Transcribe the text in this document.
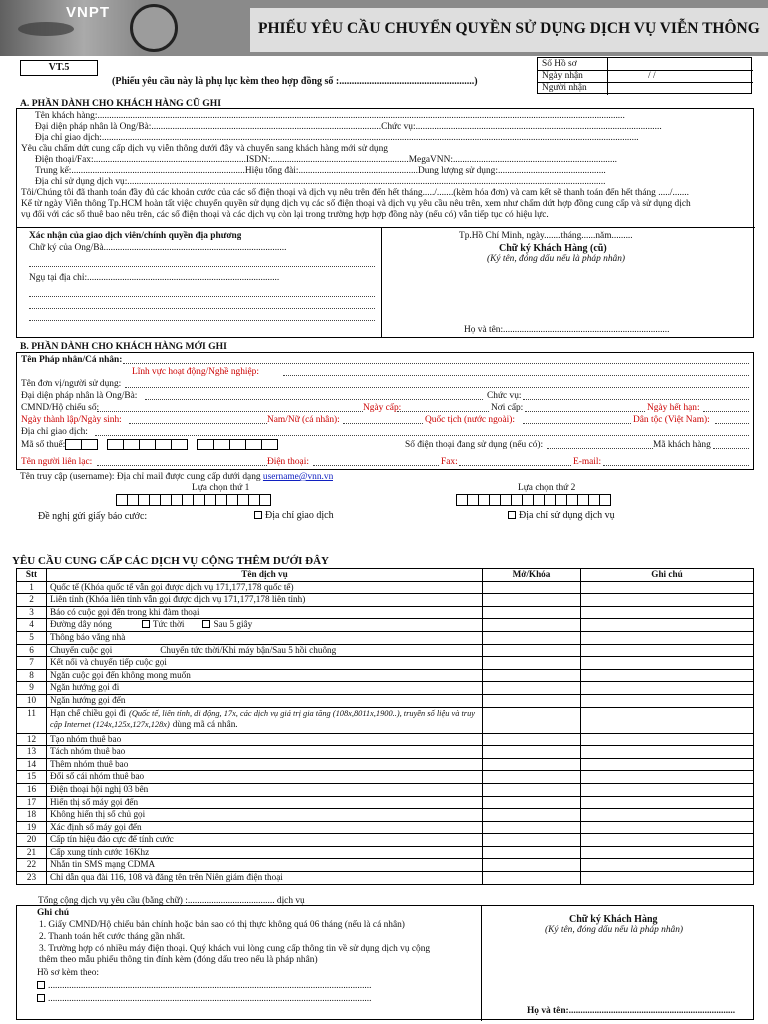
VNPT
PHIẾU YÊU CẦU CHUYỂN QUYỀN SỬ DỤNG DỊCH VỤ VIỄN THÔNG
VT.5
(Phiếu yêu cầu này là phụ lục kèm theo hợp đồng số :......................................................)
Số Hồ sơ
Ngày nhận	/ /
Người nhận
A. PHẦN DÀNH CHO KHÁCH HÀNG CŨ GHI
Tên khách hàng:.................................................................................................................................................................................................................................
Đại diện pháp nhân là Ông/Bà:..................................................................................................Chức vụ:.........................................................................................................
Địa chỉ giao dịch:.....................................................................................................................................................................................................................................
Yêu cầu chấm dứt cung cấp dịch vụ viễn thông dưới đây và chuyển sang khách hàng mới sử dụng
Điện thoại/Fax:.................................................................ISDN:...........................................................MegaVNN:......................................................................
Trung kế:..........................................................................Hiệu tổng đài:...................................................Dung lượng sử dụng:..............................................
Địa chỉ sử dụng dịch vụ:............................................................................................................................................................................................................
Tôi/Chúng tôi đã thanh toán đầy đủ các khoản cước của các số điện thoại và dịch vụ nêu trên đến hết tháng...../.......(kèm hóa đơn) và cam kết sẽ thanh toán đến hết tháng ...../.......
Kể từ ngày Viễn thông Tp.HCM hoàn tất việc chuyển quyền sử dụng dịch vụ các số điện thoại và dịch vụ yêu cầu nêu trên, xem như chấm dứt hợp đồng cung cấp và sử dụng dịch
vụ đối với các số thuê bao nêu trên, các số điện thoại và các dịch vụ còn lại trong trường hợp hợp đồng này (nếu có) vẫn tiếp tục có hiệu lực.
Xác nhận của giao dịch viên/chính quyền địa phương
Chữ ký của Ông/Bà..............................................................................
Ngụ tại địa chỉ:..................................................................................
Tp.Hồ Chí Minh, ngày.......tháng......năm.........
Chữ ký Khách Hàng (cũ)
(Ký tên, đóng dấu nếu là pháp nhân)
Họ và tên:.......................................................................
B. PHẦN DÀNH CHO KHÁCH HÀNG MỚI GHI
Tên Pháp nhân/Cá nhân:
Lĩnh vực hoạt động/Nghề nghiệp:
Tên đơn vị/người sử dụng:
Đại diện pháp nhân là Ông/Bà:	Chức vụ:
CMND/Hộ chiếu số:	Ngày cấp:	Nơi cấp:	Ngày hết hạn:
Ngày thành lập/Ngày sinh:	Nam/Nữ (cá nhân):	Quốc tịch (nước ngoài):	Dân tộc (Việt Nam):
Địa chỉ giao dịch:
Mã số thuế:	Số điện thoại đang sử dụng (nếu có):	Mã khách hàng
Tên người liên lạc:	Điện thoại:	Fax:	E-mail:
Tên truy cập (username): Địa chỉ mail được cung cấp dưới dạng username@vnn.vn
Lựa chọn thứ 1	Lựa chọn thứ 2
Đề nghị gửi giấy báo cước:	Địa chỉ giao dịch	Địa chỉ sử dụng dịch vụ
YÊU CẦU CUNG CẤP CÁC DỊCH VỤ CỘNG THÊM DƯỚI ĐÂY
Stt	Tên dịch vụ	Mở/Khóa	Ghi chú
1	Quốc tế (Khóa quốc tế vẫn gọi được dịch vụ 171,177,178 quốc tế)		
2	Liên tỉnh (Khóa liên tỉnh vẫn gọi được dịch vụ 171,177,178 liên tỉnh)		
3	Báo có cuộc gọi đến trong khi đàm thoại		
4	Đường dây nóng Tức thời Sau 5 giây		
5	Thông báo vắng nhà		
6	Chuyển cuộc gọi Chuyển tức thời/Khi máy bận/Sau 5 hồi chuông		
7	Kết nối và chuyển tiếp cuộc gọi		
8	Ngăn cuộc gọi đến không mong muốn		
9	Ngăn hướng gọi đi		
10	Ngăn hướng gọi đến		
11	Hạn chế chiều gọi đi (Quốc tế, liên tỉnh, di động, 17x, các dịch vụ giá trị gia tăng (108x,8011x,1900..), truyền số liệu và truy cập Internet (124x,125x,127x,128x) dùng mã cá nhân.		
12	Tạo nhóm thuê bao		
13	Tách nhóm thuê bao		
14	Thêm nhóm thuê bao		
15	Đổi số cái nhóm thuê bao		
16	Điện thoại hội nghị 03 bên		
17	Hiển thị số máy gọi đến		
18	Không hiển thị số chủ gọi		
19	Xác định số máy gọi đến		
20	Cấp tín hiệu đảo cực để tính cước		
21	Cấp xung tính cước 16Khz		
22	Nhắn tin SMS mạng CDMA		
23	Chỉ dẫn qua đài 116, 108 và đăng tên trên Niên giám điện thoại		
Tổng cộng dịch vụ yêu cầu (bằng chữ) :..................................... dịch vụ
Ghi chú
1. Giấy CMND/Hộ chiếu bản chính hoặc bản sao có thị thực không quá 06 tháng (nếu là cá nhân)
2. Thanh toán hết cước tháng gần nhất.
3. Trường hợp có nhiều máy điện thoại. Quý khách vui lòng cung cấp thông tin về sử dụng dịch vụ cộng
thêm theo mẫu phiếu thông tin đính kèm (đóng dấu treo nếu là pháp nhân)
Hồ sơ kèm theo:
..........................................................................................................................................
..........................................................................................................................................
Chữ ký Khách Hàng
(Ký tên, đóng dấu nếu là pháp nhân)
Họ và tên:.......................................................................
